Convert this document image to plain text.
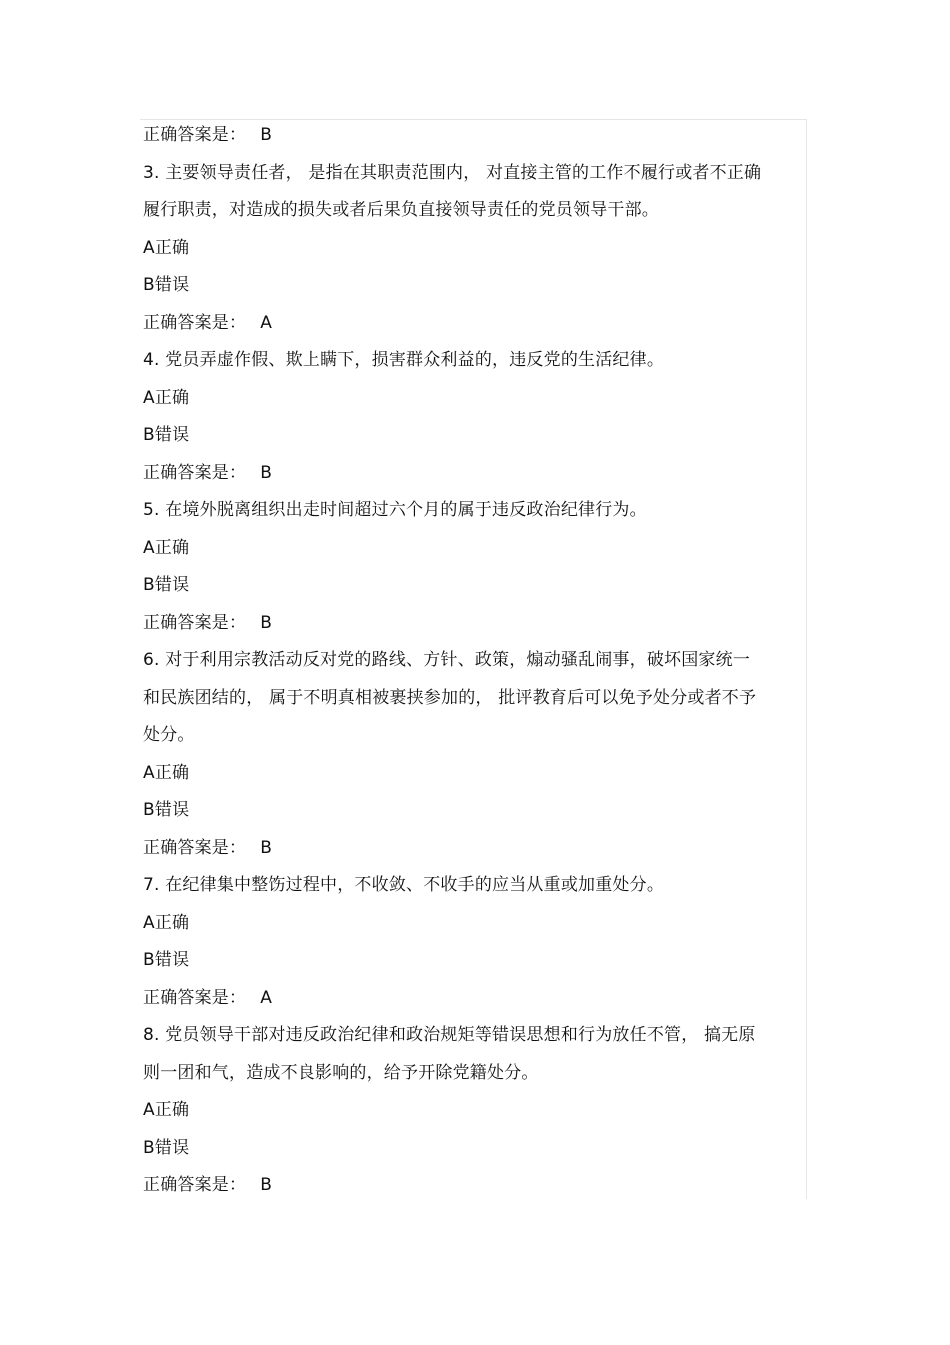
正确答案是： B
3. 主要领导责任者， 是指在其职责范围内， 对直接主管的工作不履行或者不正确
履行职责，对造成的损失或者后果负直接领导责任的党员领导干部。
A正确
B错误
正确答案是： A
4. 党员弄虚作假、欺上瞒下，损害群众利益的，违反党的生活纪律。
A正确
B错误
正确答案是： B
5. 在境外脱离组织出走时间超过六个月的属于违反政治纪律行为。
A正确
B错误
正确答案是： B
6. 对于利用宗教活动反对党的路线、方针、政策，煽动骚乱闹事，破坏国家统一
和民族团结的， 属于不明真相被裹挟参加的， 批评教育后可以免予处分或者不予
处分。
A正确
B错误
正确答案是： B
7. 在纪律集中整饬过程中，不收敛、不收手的应当从重或加重处分。
A正确
B错误
正确答案是： A
8. 党员领导干部对违反政治纪律和政治规矩等错误思想和行为放任不管， 搞无原
则一团和气，造成不良影响的，给予开除党籍处分。
A正确
B错误
正确答案是： B
